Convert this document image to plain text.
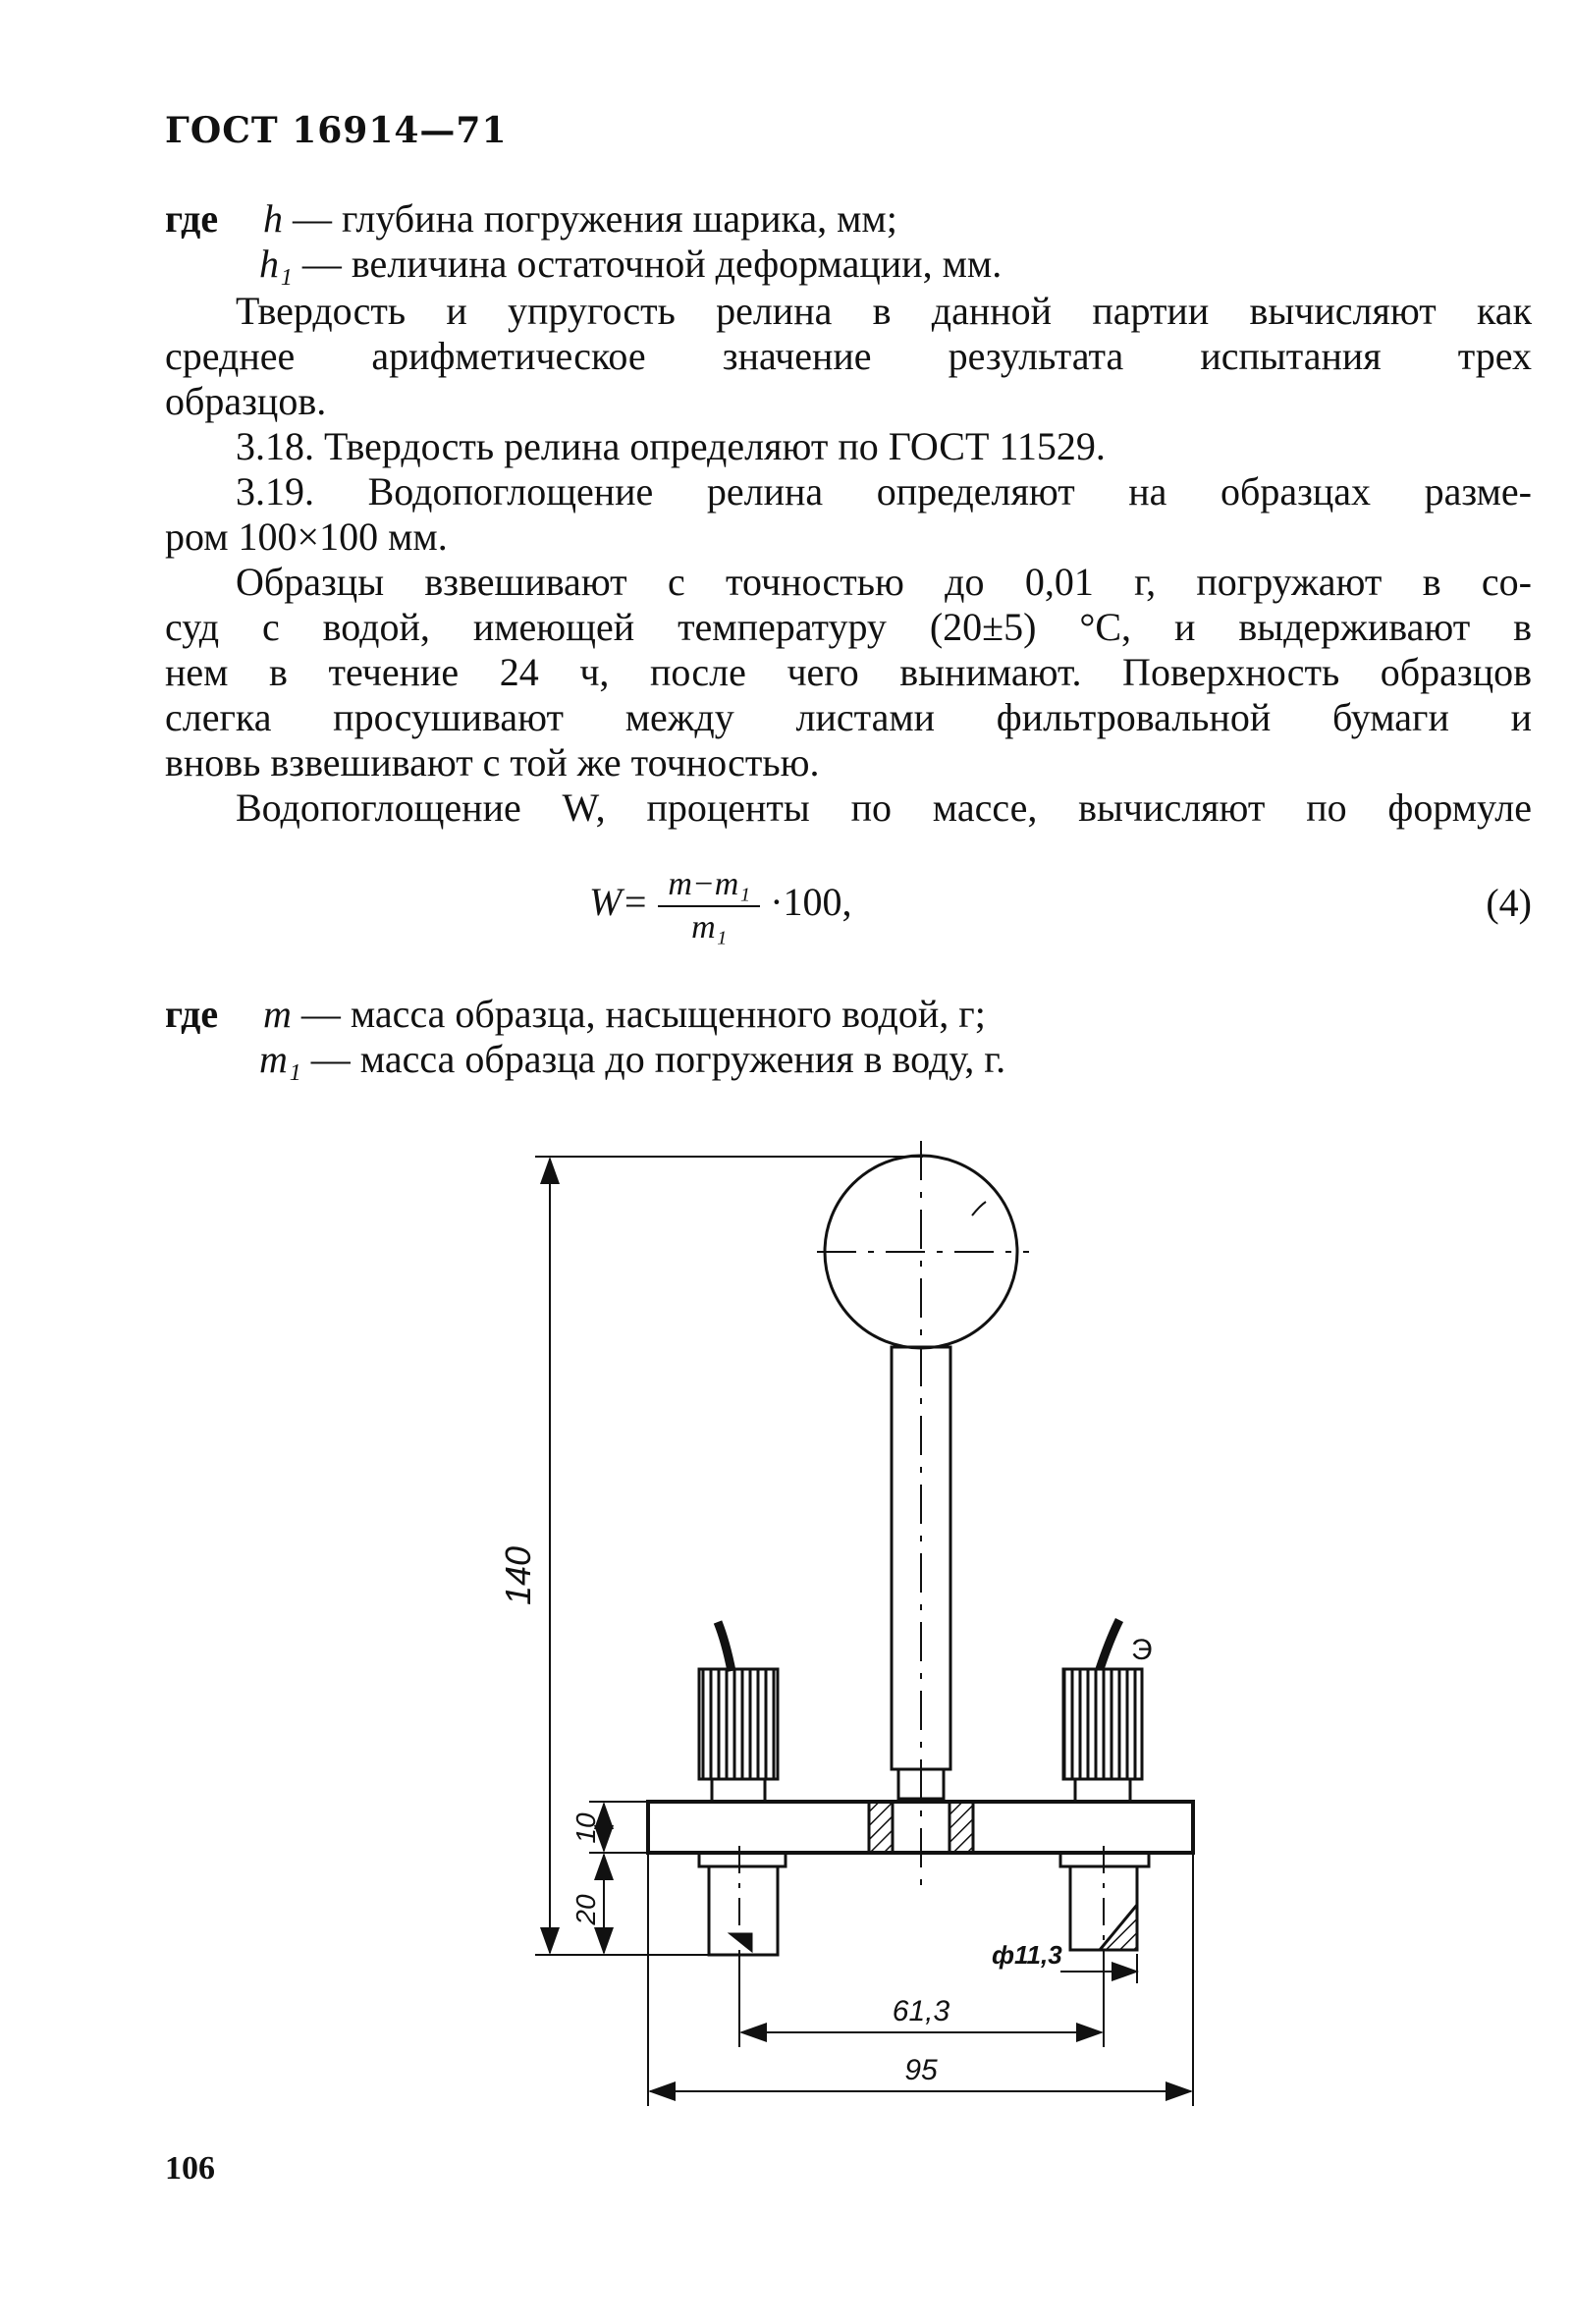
ГОСТ 16914—71
где h — глубина погружения шарика, мм;
h₁ — величина остаточной деформации, мм.
Твердость и упругость релина в данной партии вычисляют как
среднее арифметическое значение результата испытания трех
образцов.
3.18. Твердость релина определяют по ГОСТ 11529.
3.19. Водопоглощение релина определяют на образцах разме-
ром 100×100 мм.
Образцы взвешивают с точностью до 0,01 г, погружают в со-
суд с водой, имеющей температуру (20±5) °С, и выдерживают в
нем в течение 24 ч, после чего вынимают. Поверхность образцов
слегка просушивают между листами фильтровальной бумаги и
вновь взвешивают с той же точностью.
Водопоглощение W, проценты по массе, вычисляют по формуле
$W= \frac{\text{m−m₁}}{\text{m₁}} \cdot 100$,	(4)
где m — масса образца, насыщенного водой, г;
m₁ — масса образца до погружения в воду, г.
140
10
20
ф11,3
61,3
95
Э
106
